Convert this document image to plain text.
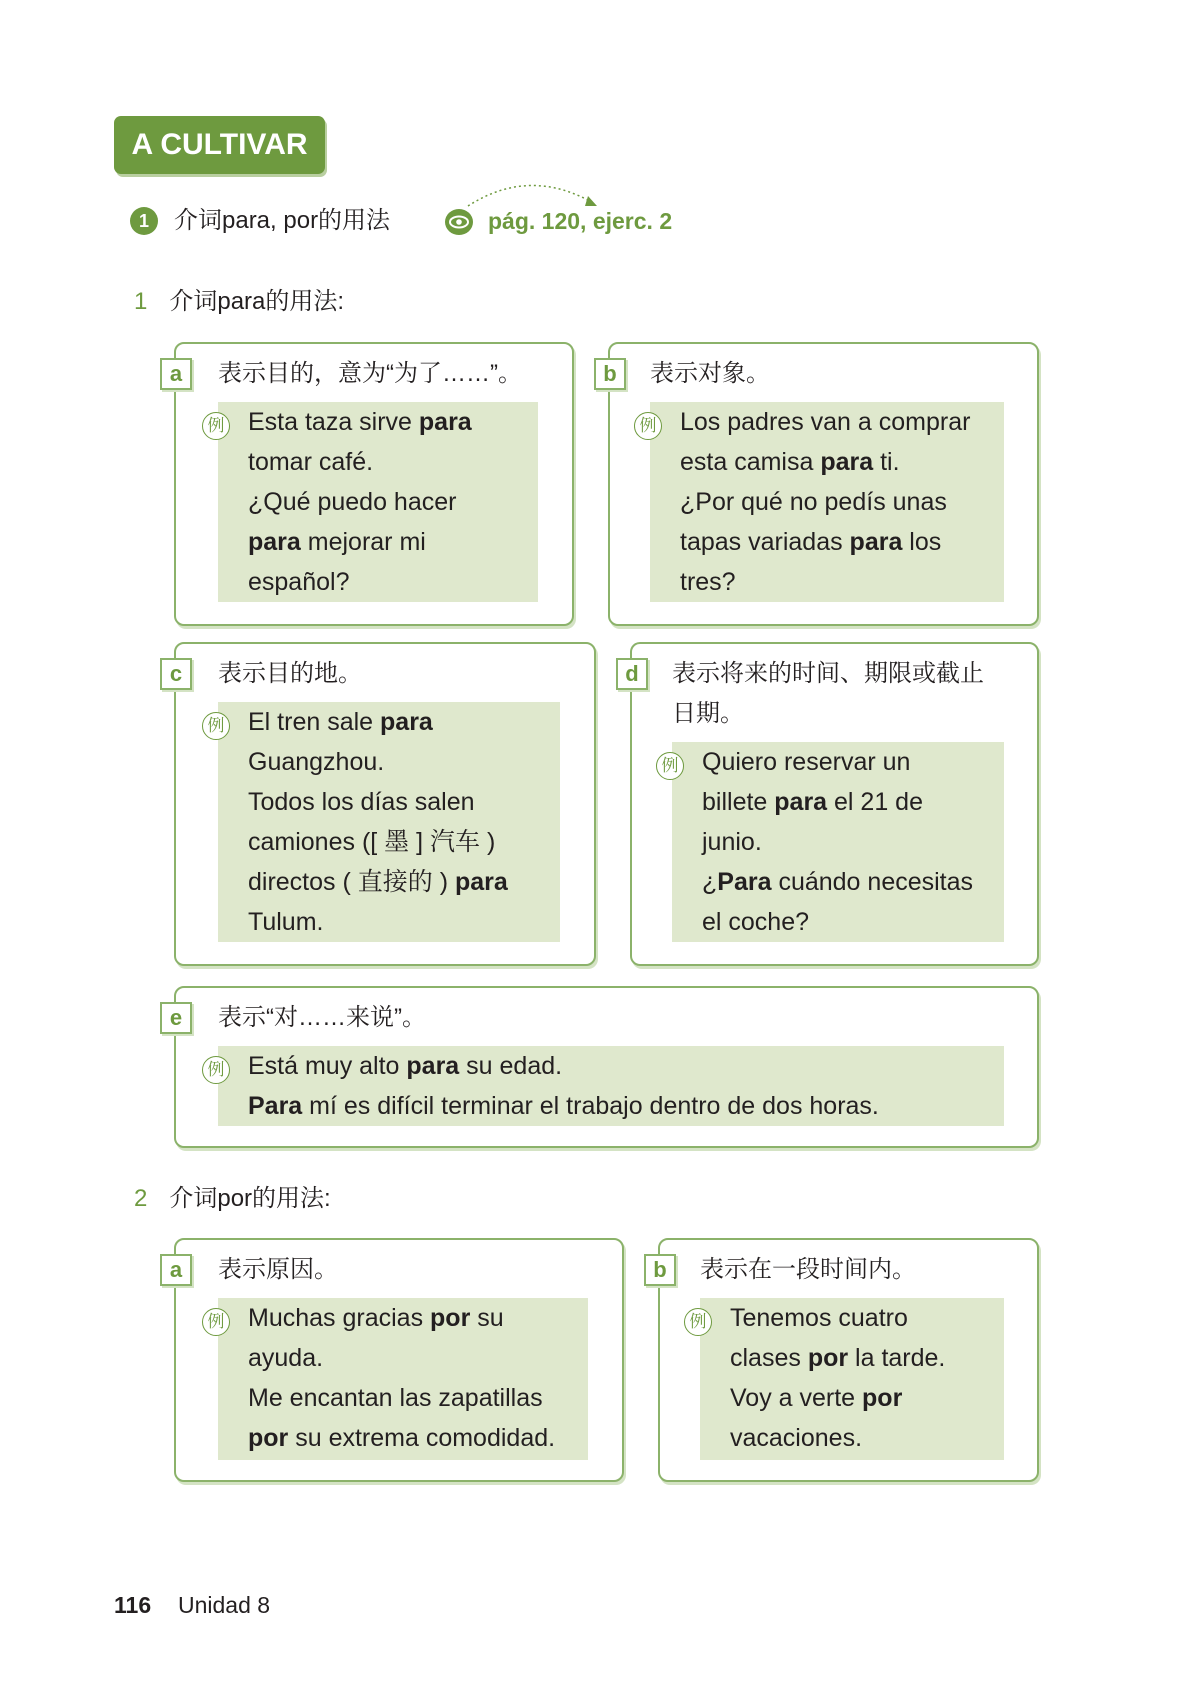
A CULTIVAR
1	介词para, por的用法	pág. 120, ejerc. 2
1 介词para的用法:
a	表示目的，意为“为了……”。
例 Esta taza sirve para
tomar café.
¿Qué puedo hacer
para mejorar mi
español?
b	表示对象。
例 Los padres van a comprar
esta camisa para ti.
¿Por qué no pedís unas
tapas variadas para los
tres?
c	表示目的地。
例 El tren sale para
Guangzhou.
Todos los días salen
camiones ([ 墨 ] 汽车 )
directos ( 直接的 ) para
Tulum.
d	表示将来的时间、期限或截止
日期。
例 Quiero reservar un
billete para el 21 de
junio.
¿Para cuándo necesitas
el coche?
e	表示“对……来说”。
例 Está muy alto para su edad.
Para mí es difícil terminar el trabajo dentro de dos horas.
2 介词por的用法:
a	表示原因。
例 Muchas gracias por su
ayuda.
Me encantan las zapatillas
por su extrema comodidad.
b	表示在一段时间内。
例 Tenemos cuatro
clases por la tarde.
Voy a verte por
vacaciones.
116 Unidad 8
